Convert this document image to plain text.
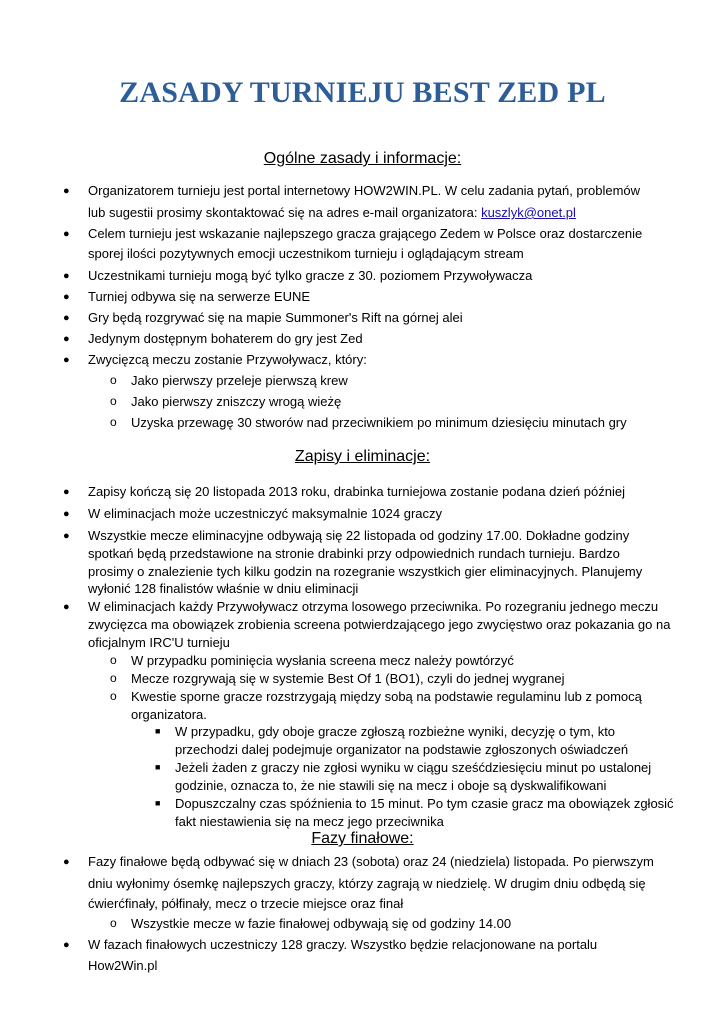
ZASADY TURNIEJU BEST ZED PL
Ogólne zasady i informacje:
● Organizatorem turnieju jest portal internetowy HOW2WIN.PL. W celu zadania pytań, problemów
lub sugestii prosimy skontaktować się na adres e-mail organizatora: kuszlyk@onet.pl
● Celem turnieju jest wskazanie najlepszego gracza grającego Zedem w Polsce oraz dostarczenie
sporej ilości pozytywnych emocji uczestnikom turnieju i oglądającym stream
● Uczestnikami turnieju mogą być tylko gracze z 30. poziomem Przywoływacza
● Turniej odbywa się na serwerze EUNE
● Gry będą rozgrywać się na mapie Summoner's Rift na górnej alei
● Jedynym dostępnym bohaterem do gry jest Zed
● Zwycięzcą meczu zostanie Przywoływacz, który:
o Jako pierwszy przeleje pierwszą krew
o Jako pierwszy zniszczy wrogą wieżę
o Uzyska przewagę 30 stworów nad przeciwnikiem po minimum dziesięciu minutach gry
Zapisy i eliminacje:
● Zapisy kończą się 20 listopada 2013 roku, drabinka turniejowa zostanie podana dzień później
● W eliminacjach może uczestniczyć maksymalnie 1024 graczy
● Wszystkie mecze eliminacyjne odbywają się 22 listopada od godziny 17.00. Dokładne godziny
spotkań będą przedstawione na stronie drabinki przy odpowiednich rundach turnieju. Bardzo
prosimy o znalezienie tych kilku godzin na rozegranie wszystkich gier eliminacyjnych. Planujemy
wyłonić 128 finalistów właśnie w dniu eliminacji
● W eliminacjach każdy Przywoływacz otrzyma losowego przeciwnika. Po rozegraniu jednego meczu
zwycięzca ma obowiązek zrobienia screena potwierdzającego jego zwycięstwo oraz pokazania go na
oficjalnym IRC'U turnieju
o W przypadku pominięcia wysłania screena mecz należy powtórzyć
o Mecze rozgrywają się w systemie Best Of 1 (BO1), czyli do jednej wygranej
o Kwestie sporne gracze rozstrzygają między sobą na podstawie regulaminu lub z pomocą
organizatora.
■ W przypadku, gdy oboje gracze zgłoszą rozbieżne wyniki, decyzję o tym, kto
przechodzi dalej podejmuje organizator na podstawie zgłoszonych oświadczeń
■ Jeżeli żaden z graczy nie zgłosi wyniku w ciągu sześćdziesięciu minut po ustalonej
godzinie, oznacza to, że nie stawili się na mecz i oboje są dyskwalifikowani
■ Dopuszczalny czas spóźnienia to 15 minut. Po tym czasie gracz ma obowiązek zgłosić
fakt niestawienia się na mecz jego przeciwnika
Fazy finałowe:
● Fazy finałowe będą odbywać się w dniach 23 (sobota) oraz 24 (niedziela) listopada. Po pierwszym
dniu wyłonimy ósemkę najlepszych graczy, którzy zagrają w niedzielę. W drugim dniu odbędą się
ćwierćfinały, półfinały, mecz o trzecie miejsce oraz finał
o Wszystkie mecze w fazie finałowej odbywają się od godziny 14.00
● W fazach finałowych uczestniczy 128 graczy. Wszystko będzie relacjonowane na portalu
How2Win.pl
